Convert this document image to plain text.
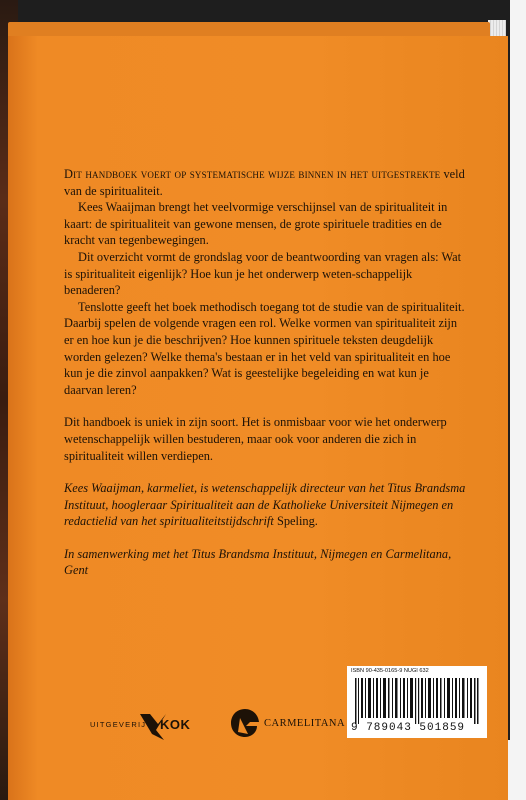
Dit handboek voert op systematische wijze binnen in het uitgestrekte veld van de spiritualiteit.

Kees Waaijman brengt het veelvormige verschijnsel van de spiritualiteit in kaart: de spiritualiteit van gewone mensen, de grote spirituele tradities en de kracht van tegenbewegingen.

Dit overzicht vormt de grondslag voor de beantwoording van vragen als: Wat is spiritualiteit eigenlijk? Hoe kun je het onderwerp weten-schappelijk benaderen?

Tenslotte geeft het boek methodisch toegang tot de studie van de spiritualiteit. Daarbij spelen de volgende vragen een rol. Welke vormen van spiritualiteit zijn er en hoe kun je die beschrijven? Hoe kunnen spirituele teksten deugdelijk worden gelezen? Welke thema's bestaan er in het veld van spiritualiteit en hoe kun je die zinvol aanpakken? Wat is geestelijke begeleiding en wat kun je daarvan leren?

Dit handboek is uniek in zijn soort. Het is onmisbaar voor wie het onderwerp wetenschappelijk willen bestuderen, maar ook voor anderen die zich in spiritualiteit willen verdiepen.

Kees Waaijman, karmeliet, is wetenschappelijk directeur van het Titus Brandsma Instituut, hoogleraar Spiritualiteit aan de Katholieke Universiteit Nijmegen en redactielid van het spiritualiteitstijdschrift Speling.

In samenwerking met het Titus Brandsma Instituut, Nijmegen en Carmelitana, Gent

ISBN 90-435-0165-9 NUGI 632
9 789043 501859
UITGEVERIJ KOK	CARMELITANA
